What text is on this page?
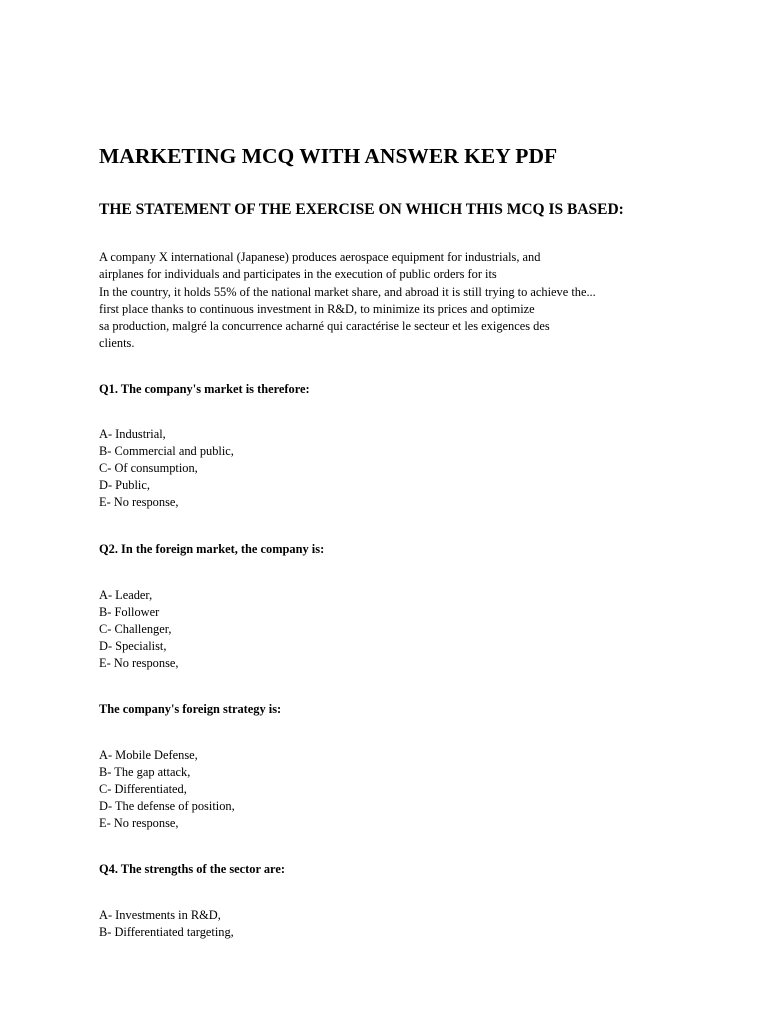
MARKETING MCQ WITH ANSWER KEY PDF
THE STATEMENT OF THE EXERCISE ON WHICH THIS MCQ IS BASED:

A company X international (Japanese) produces aerospace equipment for industrials, and
airplanes for individuals and participates in the execution of public orders for its
In the country, it holds 55% of the national market share, and abroad it is still trying to achieve the...
first place thanks to continuous investment in R&D, to minimize its prices and optimize
sa production, malgré la concurrence acharné qui caractérise le secteur et les exigences des
clients.

Q1. The company's market is therefore:

A- Industrial,
B- Commercial and public,
C- Of consumption,
D- Public,
E- No response,

Q2. In the foreign market, the company is:

A- Leader,
B- Follower
C- Challenger,
D- Specialist,
E- No response,

The company's foreign strategy is:

A- Mobile Defense,
B- The gap attack,
C- Differentiated,
D- The defense of position,
E- No response,

Q4. The strengths of the sector are:

A- Investments in R&D,
B- Differentiated targeting,
